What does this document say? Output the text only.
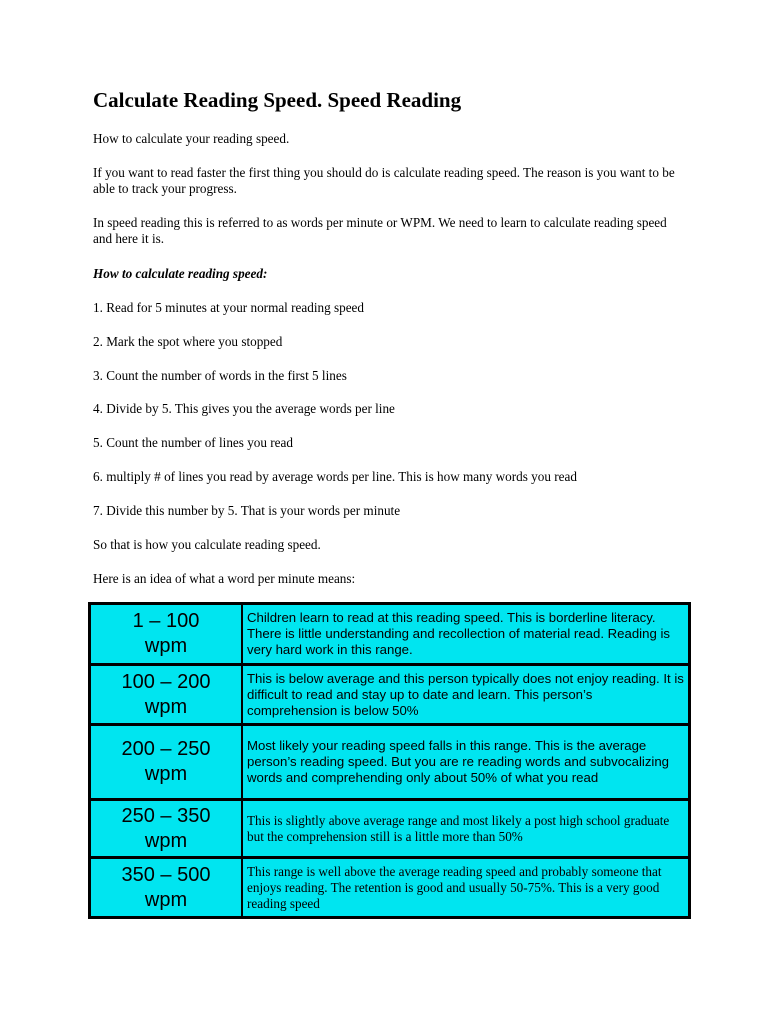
Calculate Reading Speed. Speed Reading

How to calculate your reading speed.

If you want to read faster the first thing you should do is calculate reading speed. The reason is you want to be able to track your progress.

In speed reading this is referred to as words per minute or WPM. We need to learn to calculate reading speed and here it is.

How to calculate reading speed:

1. Read for 5 minutes at your normal reading speed

2. Mark the spot where you stopped

3. Count the number of words in the first 5 lines

4. Divide by 5. This gives you the average words per line

5. Count the number of lines you read

6. multiply # of lines you read by average words per line. This is how many words you read

7. Divide this number by 5. That is your words per minute

So that is how you calculate reading speed.

Here is an idea of what a word per minute means:

1 – 100
wpm	Children learn to read at this reading speed. This is borderline literacy. There is little understanding and recollection of material read. Reading is very hard work in this range.

100 – 200
wpm	This is below average and this person typically does not enjoy reading. It is difficult to read and stay up to date and learn. This person’s comprehension is below 50%

200 – 250
wpm	Most likely your reading speed falls in this range. This is the average person’s reading speed. But you are re reading words and subvocalizing words and comprehending only about 50% of what you read

250 – 350
wpm	This is slightly above average range and most likely a post high school graduate but the comprehension still is a little more than 50%

350 – 500
wpm	This range is well above the average reading speed and probably someone that enjoys reading. The retention is good and usually 50-75%. This is a very good reading speed
